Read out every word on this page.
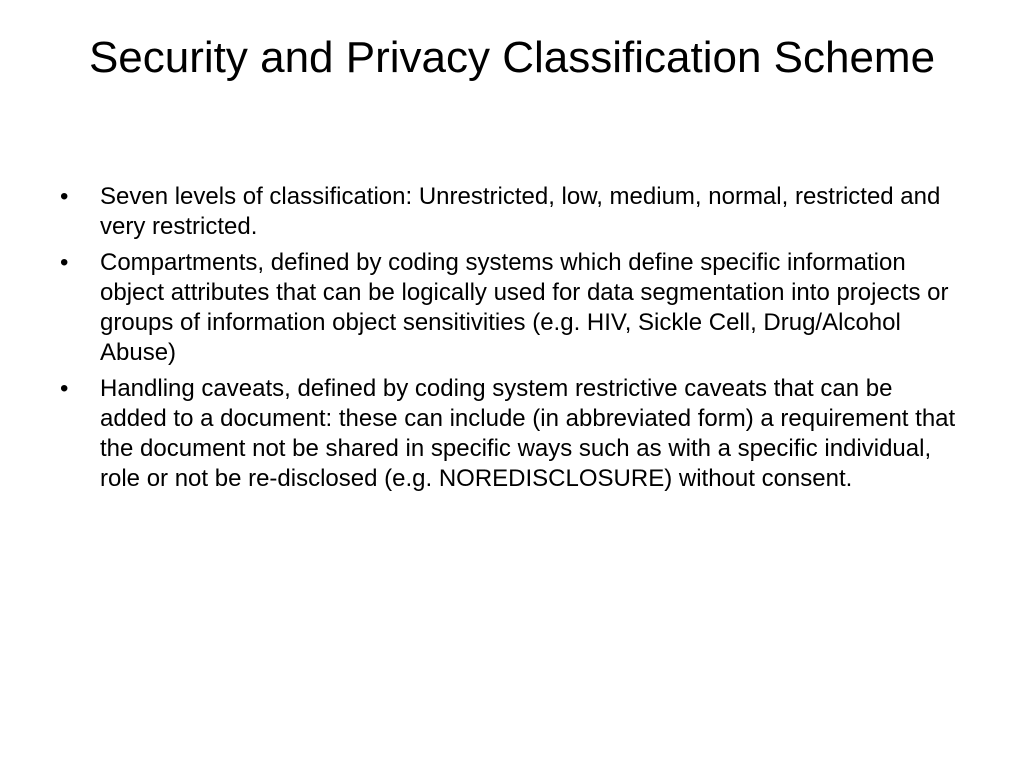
Security and Privacy Classification Scheme
• Seven levels of classification: Unrestricted, low, medium, normal, restricted and very restricted.
• Compartments, defined by coding systems which define specific information object attributes that can be logically used for data segmentation into projects or groups of information object sensitivities (e.g. HIV, Sickle Cell, Drug/Alcohol Abuse)
• Handling caveats, defined by coding system restrictive caveats that can be added to a document: these can include (in abbreviated form) a requirement that the document not be shared in specific ways such as with a specific individual, role or not be re-disclosed (e.g. NOREDISCLOSURE) without consent.
